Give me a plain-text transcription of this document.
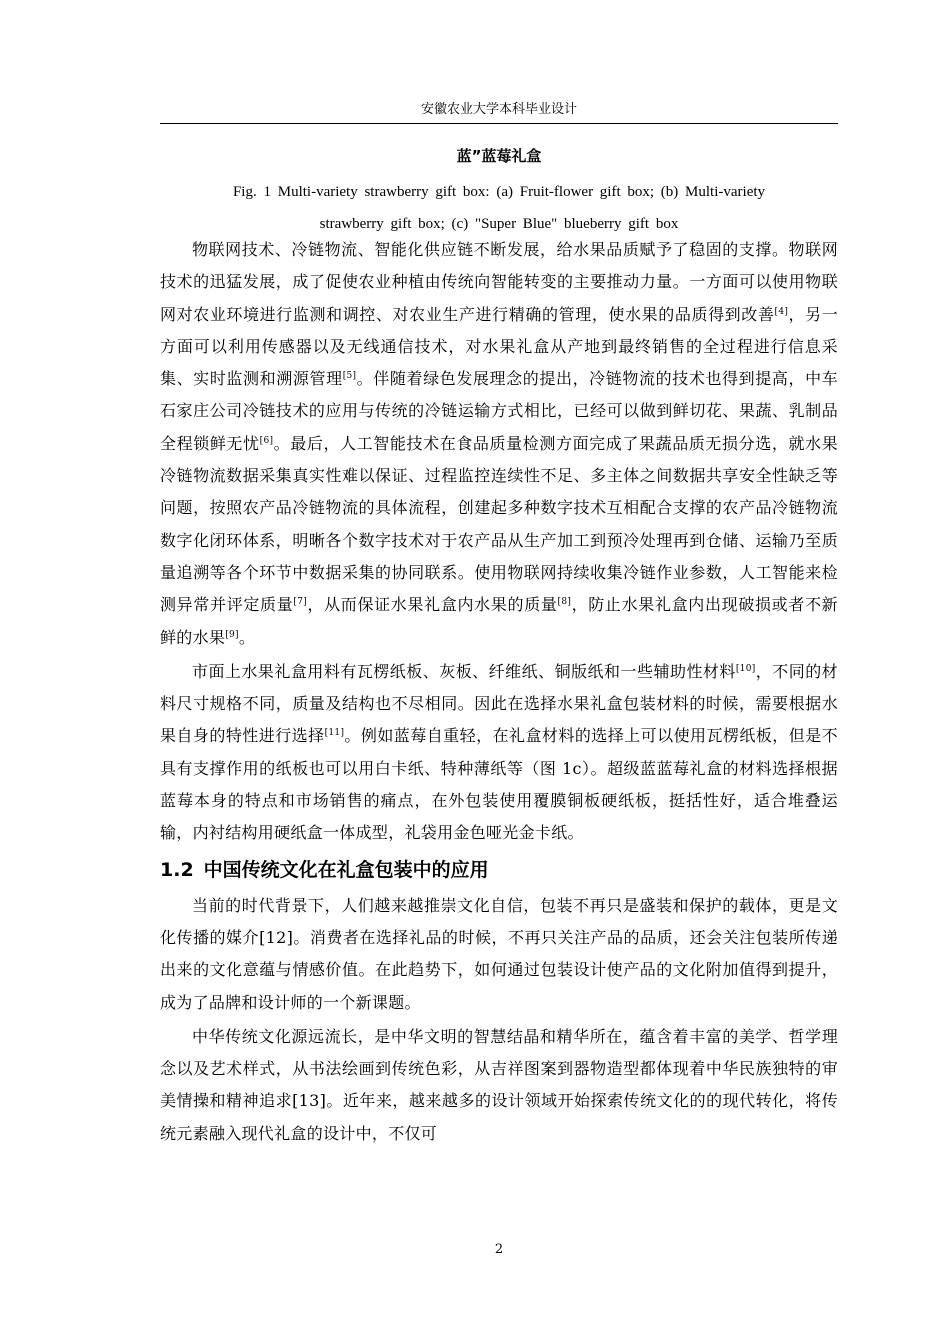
安徽农业大学本科毕业设计
蓝”蓝莓礼盒
Fig. 1 Multi-variety strawberry gift box: (a) Fruit-flower gift box; (b) Multi-variety
strawberry gift box; (c) "Super Blue" blueberry gift box

物联网技术、冷链物流、智能化供应链不断发展，给水果品质赋予了稳固的支撑。物联网技术的迅猛发展，成了促使农业种植由传统向智能转变的主要推动力量。一方面可以使用物联网对农业环境进行监测和调控、对农业生产进行精确的管理，使水果的品质得到改善[4]，另一方面可以利用传感器以及无线通信技术，对水果礼盒从产地到最终销售的全过程进行信息采集、实时监测和溯源管理[5]。伴随着绿色发展理念的提出，冷链物流的技术也得到提高，中车石家庄公司冷链技术的应用与传统的冷链运输方式相比，已经可以做到鲜切花、果蔬、乳制品全程锁鲜无忧[6]。最后，人工智能技术在食品质量检测方面完成了果蔬品质无损分选，就水果冷链物流数据采集真实性难以保证、过程监控连续性不足、多主体之间数据共享安全性缺乏等问题，按照农产品冷链物流的具体流程，创建起多种数字技术互相配合支撑的农产品冷链物流数字化闭环体系，明晰各个数字技术对于农产品从生产加工到预冷处理再到仓储、运输乃至质量追溯等各个环节中数据采集的协同联系。使用物联网持续收集冷链作业参数，人工智能来检测异常并评定质量[7]，从而保证水果礼盒内水果的质量[8]，防止水果礼盒内出现破损或者不新鲜的水果[9]。

市面上水果礼盒用料有瓦楞纸板、灰板、纤维纸、铜版纸和一些辅助性材料[10]，不同的材料尺寸规格不同，质量及结构也不尽相同。因此在选择水果礼盒包装材料的时候，需要根据水果自身的特性进行选择[11]。例如蓝莓自重轻，在礼盒材料的选择上可以使用瓦楞纸板，但是不具有支撑作用的纸板也可以用白卡纸、特种薄纸等（图 1c）。超级蓝蓝莓礼盒的材料选择根据蓝莓本身的特点和市场销售的痛点，在外包装使用覆膜铜板硬纸板，挺括性好，适合堆叠运输，内衬结构用硬纸盒一体成型，礼袋用金色哑光金卡纸。

1.2 中国传统文化在礼盒包装中的应用

当前的时代背景下，人们越来越推崇文化自信，包装不再只是盛装和保护的载体，更是文化传播的媒介[12]。消费者在选择礼品的时候，不再只关注产品的品质，还会关注包装所传递出来的文化意蕴与情感价值。在此趋势下，如何通过包装设计使产品的文化附加值得到提升，成为了品牌和设计师的一个新课题。

中华传统文化源远流长，是中华文明的智慧结晶和精华所在，蕴含着丰富的美学、哲学理念以及艺术样式，从书法绘画到传统色彩，从吉祥图案到器物造型都体现着中华民族独特的审美情操和精神追求[13]。近年来，越来越多的设计领域开始探索传统文化的的现代转化，将传统元素融入现代礼盒的设计中，不仅可

2
